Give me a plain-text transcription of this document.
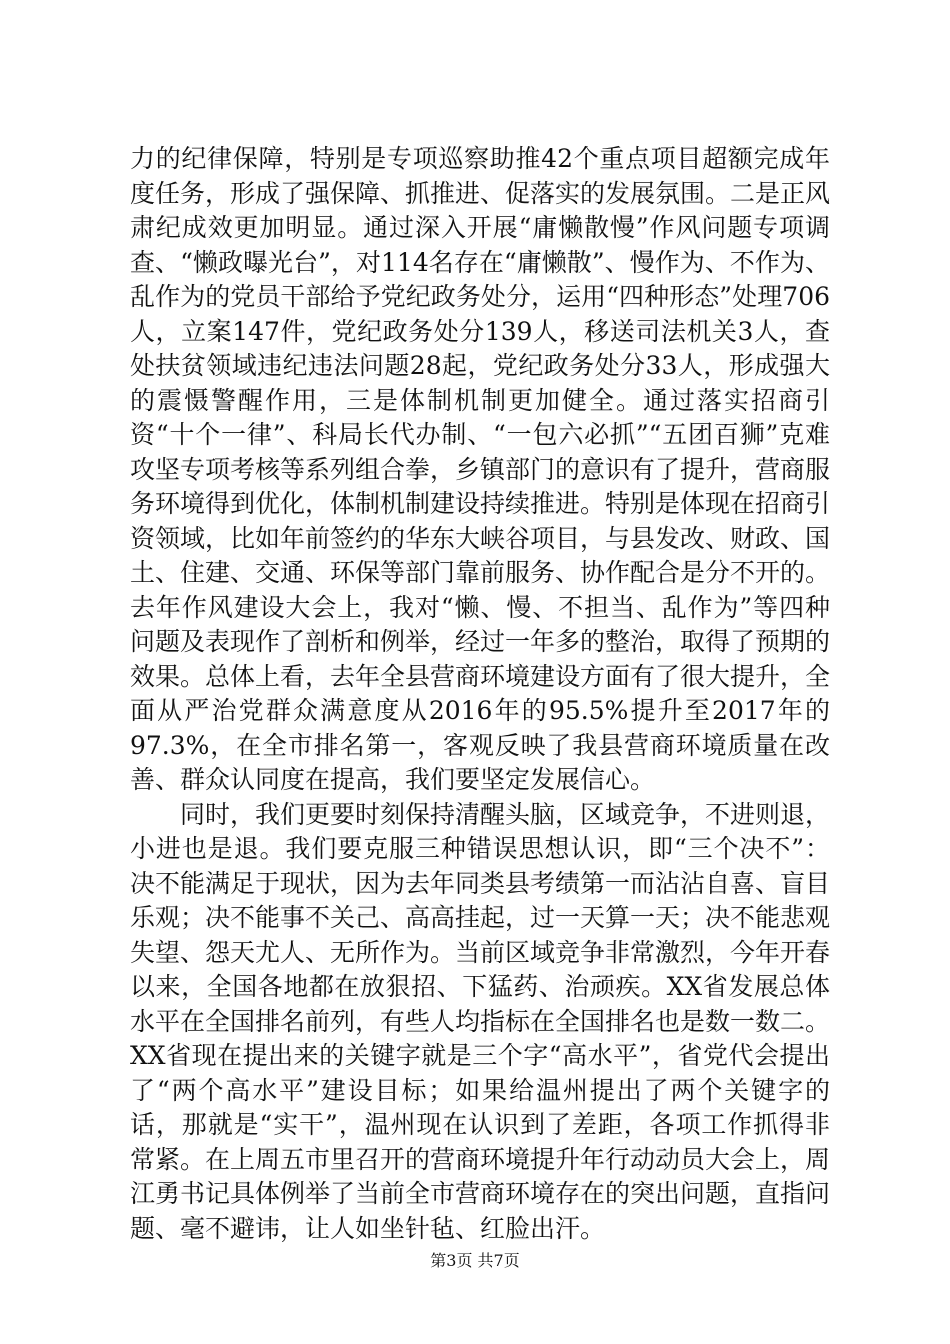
力的纪律保障，特别是专项巡察助推42个重点项目超额完成年度任务，形成了强保障、抓推进、促落实的发展氛围。二是正风肃纪成效更加明显。通过深入开展“庸懒散慢”作风问题专项调查、“懒政曝光台”，对114名存在“庸懒散”、慢作为、不作为、乱作为的党员干部给予党纪政务处分，运用“四种形态”处理706人，立案147件，党纪政务处分139人，移送司法机关3人，查处扶贫领域违纪违法问题28起，党纪政务处分33人，形成强大的震慑警醒作用，三是体制机制更加健全。通过落实招商引资“十个一律”、科局长代办制、“一包六必抓”“五团百狮”克难攻坚专项考核等系列组合拳，乡镇部门的意识有了提升，营商服务环境得到优化，体制机制建设持续推进。特别是体现在招商引资领域，比如年前签约的华东大峡谷项目，与县发改、财政、国土、住建、交通、环保等部门靠前服务、协作配合是分不开的。去年作风建设大会上，我对“懒、慢、不担当、乱作为”等四种问题及表现作了剖析和例举，经过一年多的整治，取得了预期的效果。总体上看，去年全县营商环境建设方面有了很大提升，全面从严治党群众满意度从2016年的95.5%提升至2017年的97.3%，在全市排名第一，客观反映了我县营商环境质量在改善、群众认同度在提高，我们要坚定发展信心。

同时，我们更要时刻保持清醒头脑，区域竞争，不进则退，小进也是退。我们要克服三种错误思想认识，即“三个决不”：决不能满足于现状，因为去年同类县考绩第一而沾沾自喜、盲目乐观；决不能事不关己、高高挂起，过一天算一天；决不能悲观失望、怨天尤人、无所作为。当前区域竞争非常激烈，今年开春以来，全国各地都在放狠招、下猛药、治顽疾。XX省发展总体水平在全国排名前列，有些人均指标在全国排名也是数一数二。XX省现在提出来的关键字就是三个字“高水平”，省党代会提出了“两个高水平”建设目标；如果给温州提出了两个关键字的话，那就是“实干”，温州现在认识到了差距，各项工作抓得非常紧。在上周五市里召开的营商环境提升年行动动员大会上，周江勇书记具体例举了当前全市营商环境存在的突出问题，直指问题、毫不避讳，让人如坐针毡、红脸出汗。

第3页 共7页
